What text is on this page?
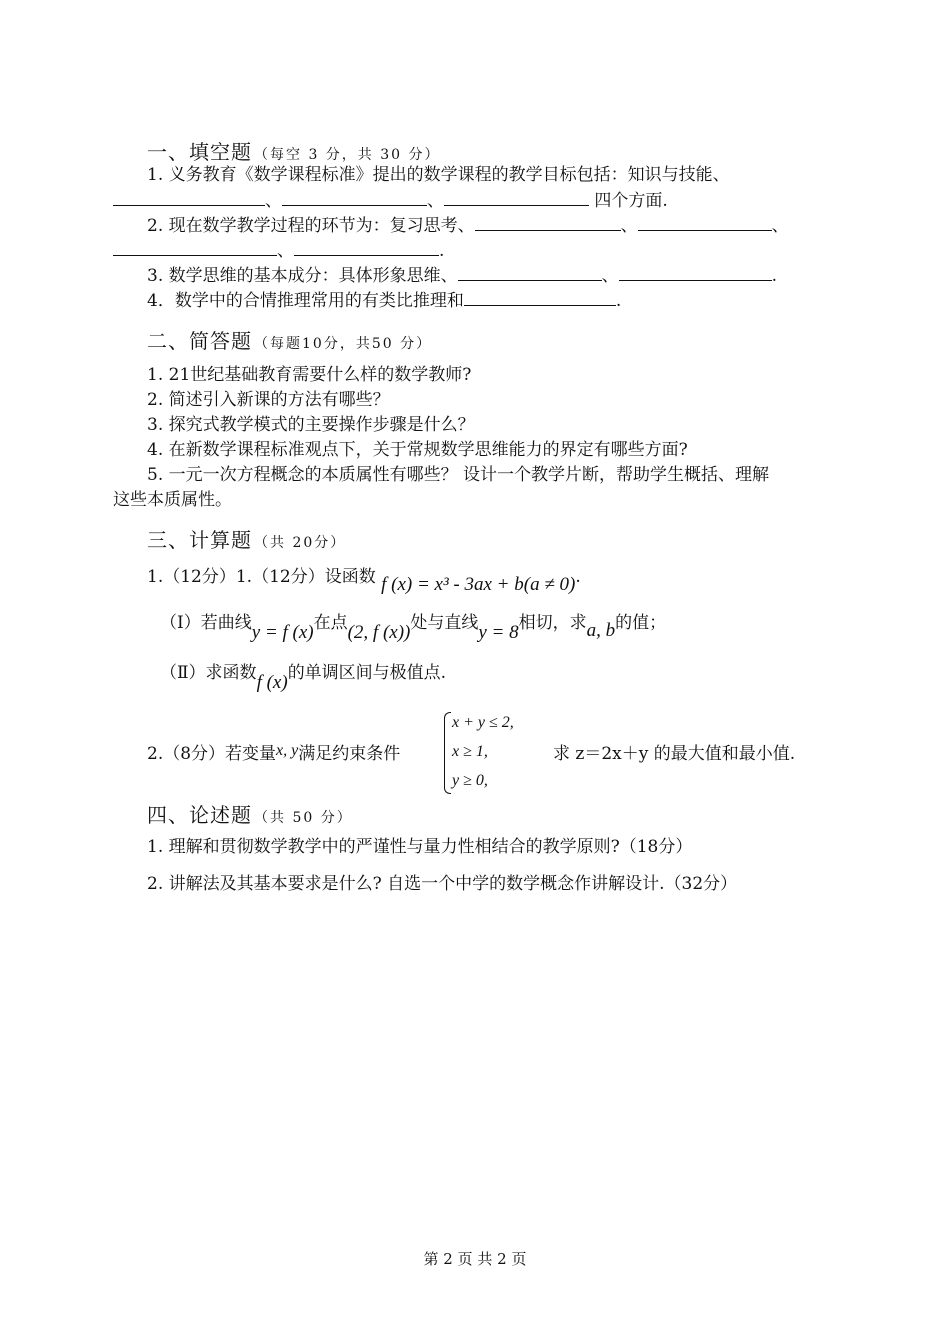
一、填空题 （每空 3 分，共 30 分）
1. 义务教育《数学课程标准》提出的数学课程的教学目标包括：知识与技能、
、	、	四个方面.
2. 现在数学教学过程的环节为：复习思考、	、	、
、	.
3. 数学思维的基本成分：具体形象思维、	、	.
4．数学中的合情推理常用的有类比推理和	.
二、简答题 （每题10分，共50 分）
1. 21世纪基础教育需要什么样的数学教师?
2. 简述引入新课的方法有哪些？
3. 探究式教学模式的主要操作步骤是什么？
4. 在新数学课程标准观点下，关于常规数学思维能力的界定有哪些方面?
5. 一元一次方程概念的本质属性有哪些？ 设计一个教学片断，帮助学生概括、理解
这些本质属性。
三、计算题 （共 20分）
1.（12分）1.（12分）设函数 f (x) = x³ - 3ax + b(a ≠ 0).
（Ⅰ）若曲线y = f (x)在点(2, f (x))处与直线y = 8相切，求a, b的值；
（Ⅱ）求函数f (x)的单调区间与极值点.
2.（8分）若变量x, y满足约束条件
x + y ≤ 2,
x ≥ 1,
y ≥ 0,
求 z＝2x＋y 的最大值和最小值.
四、论述题 （共 50 分）
1. 理解和贯彻数学教学中的严谨性与量力性相结合的教学原则?（18分）
2. 讲解法及其基本要求是什么? 自选一个中学的数学概念作讲解设计.（32分）
第 2 页 共 2 页
